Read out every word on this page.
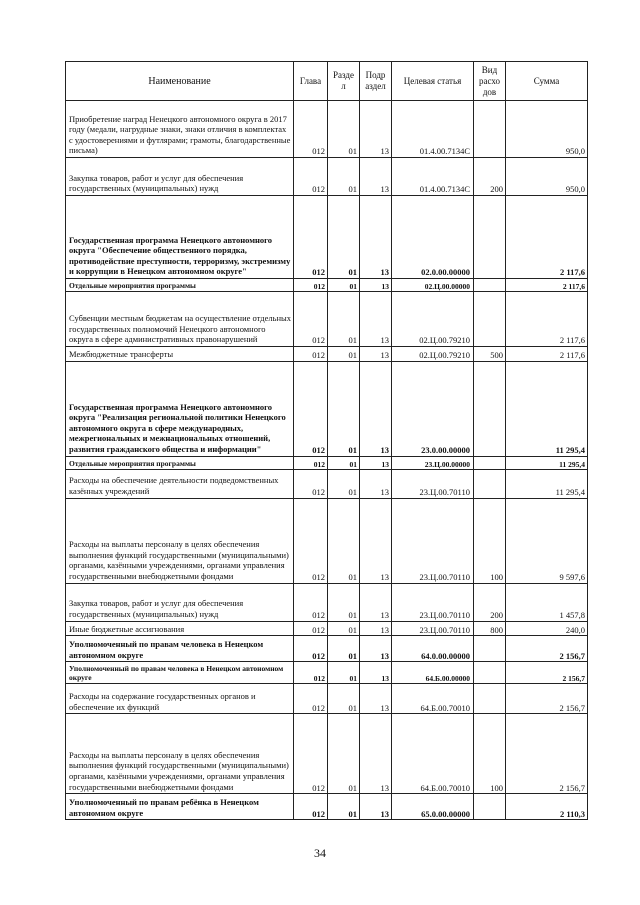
Наименование	Глава	Разде л	Подр аздел	Целевая статья	Вид расхо дов	Сумма
Приобретение наград Ненецкого автономного округа в 2017 году (медали, нагрудные знаки, знаки отличия в комплектах с удостоверениями и футлярами; грамоты, благодарственные письма)	012	01	13	01.4.00.7134C		950,0
Закупка товаров, работ и услуг для обеспечения государственных (муниципальных) нужд	012	01	13	01.4.00.7134C	200	950,0
Государственная программа Ненецкого автономного округа "Обеспечение общественного порядка, противодействие преступности, терроризму, экстремизму и коррупции в Ненецком автономном округе"	012	01	13	02.0.00.00000		2 117,6
Отдельные мероприятия программы	012	01	13	02.Ц.00.00000		2 117,6
Субвенции местным бюджетам на осуществление отдельных государственных полномочий Ненецкого автономного округа в сфере административных правонарушений	012	01	13	02.Ц.00.79210		2 117,6
Межбюджетные трансферты	012	01	13	02.Ц.00.79210	500	2 117,6
Государственная программа Ненецкого автономного округа "Реализация региональной политики Ненецкого автономного округа в сфере международных, межрегиональных и межнациональных отношений, развития гражданского общества и информации"	012	01	13	23.0.00.00000		11 295,4
Отдельные мероприятия программы	012	01	13	23.Ц.00.00000		11 295,4
Расходы на обеспечение деятельности подведомственных казённых учреждений	012	01	13	23.Ц.00.70110		11 295,4
Расходы на выплаты персоналу в целях обеспечения выполнения функций государственными (муниципальными) органами, казёнными учреждениями, органами управления государственными внебюджетными фондами	012	01	13	23.Ц.00.70110	100	9 597,6
Закупка товаров, работ и услуг для обеспечения государственных (муниципальных) нужд	012	01	13	23.Ц.00.70110	200	1 457,8
Иные бюджетные ассигнования	012	01	13	23.Ц.00.70110	800	240,0
Уполномоченный по правам человека в Ненецком автономном округе	012	01	13	64.0.00.00000		2 156,7
Уполномоченный по правам человека в Ненецком автономном округе	012	01	13	64.Б.00.00000		2 156,7
Расходы на содержание государственных органов и обеспечение их функций	012	01	13	64.Б.00.70010		2 156,7
Расходы на выплаты персоналу в целях обеспечения выполнения функций государственными (муниципальными) органами, казёнными учреждениями, органами управления государственными внебюджетными фондами	012	01	13	64.Б.00.70010	100	2 156,7
Уполномоченный по правам ребёнка в Ненецком автономном округе	012	01	13	65.0.00.00000		2 110,3
34
